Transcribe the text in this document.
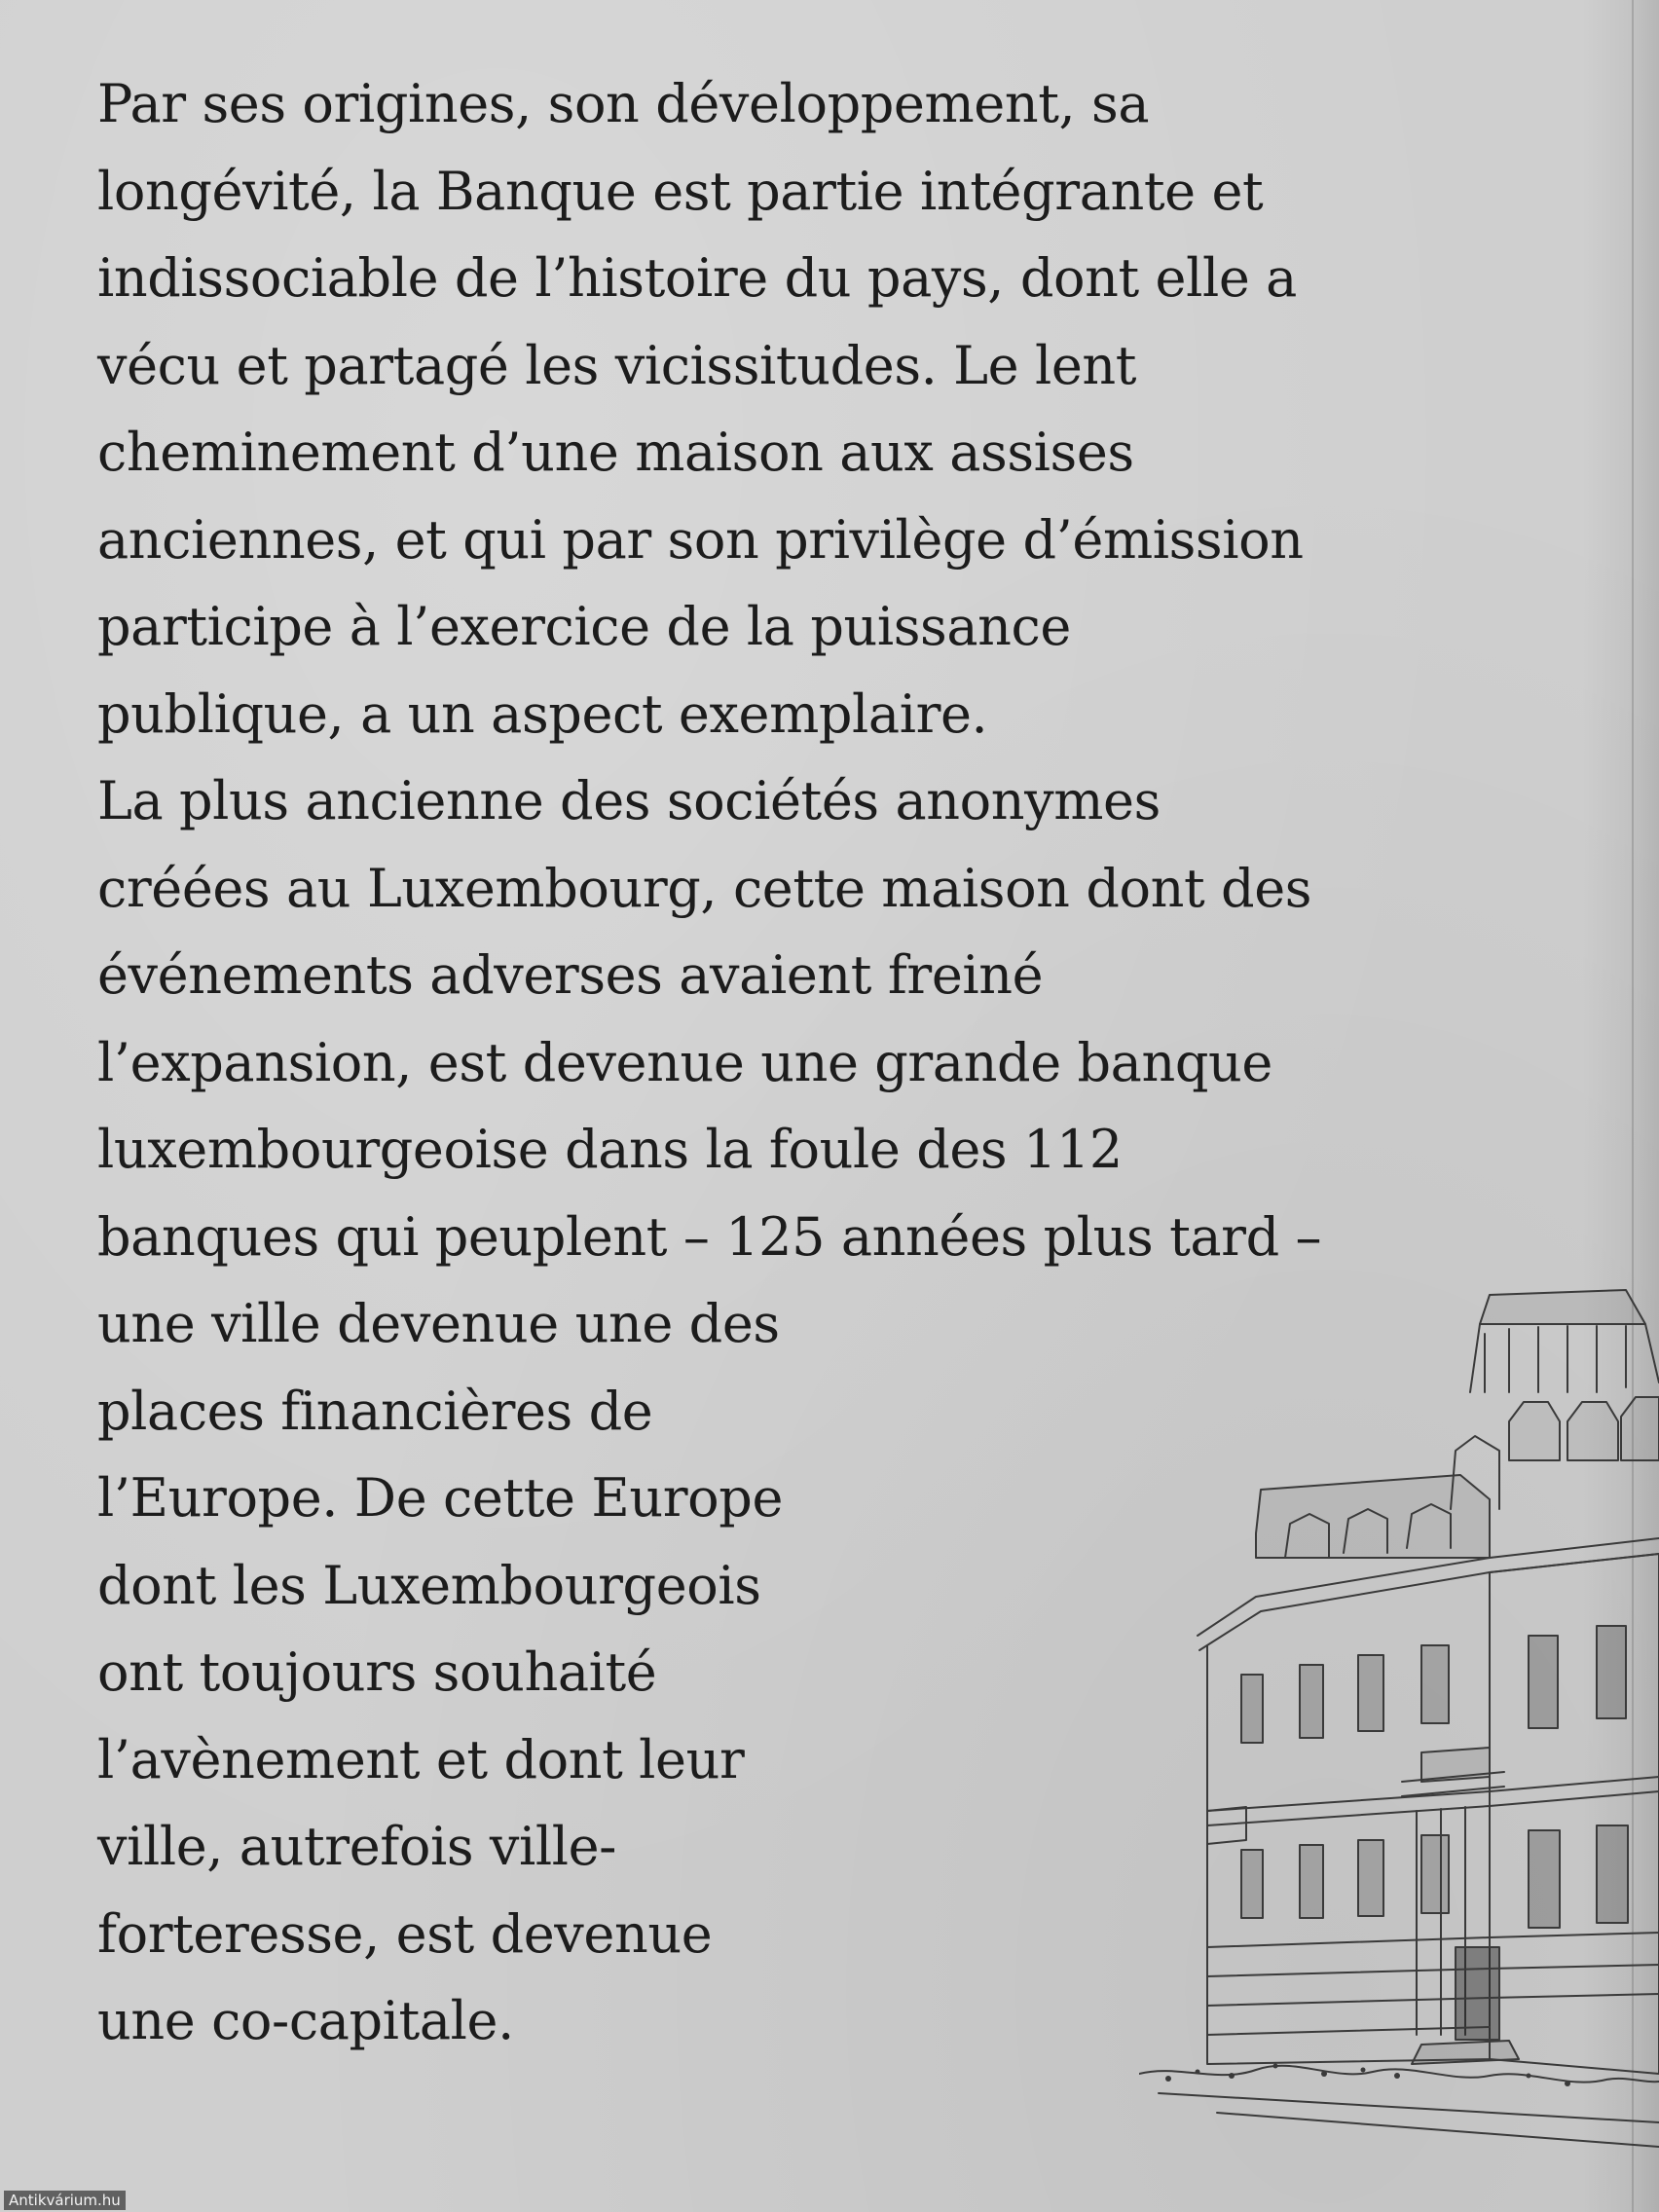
Par ses origines, son développement, sa
longévité, la Banque est partie intégrante et
indissociable de l’histoire du pays, dont elle a
vécu et partagé les vicissitudes. Le lent
cheminement d’une maison aux assises
anciennes, et qui par son privilège d’émission
participe à l’exercice de la puissance
publique, a un aspect exemplaire.
La plus ancienne des sociétés anonymes
créées au Luxembourg, cette maison dont des
événements adverses avaient freiné
l’expansion, est devenue une grande banque
luxembourgeoise dans la foule des 112
banques qui peuplent – 125 années plus tard –
une ville devenue une des
places financières de
l’Europe. De cette Europe
dont les Luxembourgeois
ont toujours souhaité
l’avènement et dont leur
ville, autrefois ville-
forteresse, est devenue
une co-capitale.
Antikvárium.hu
